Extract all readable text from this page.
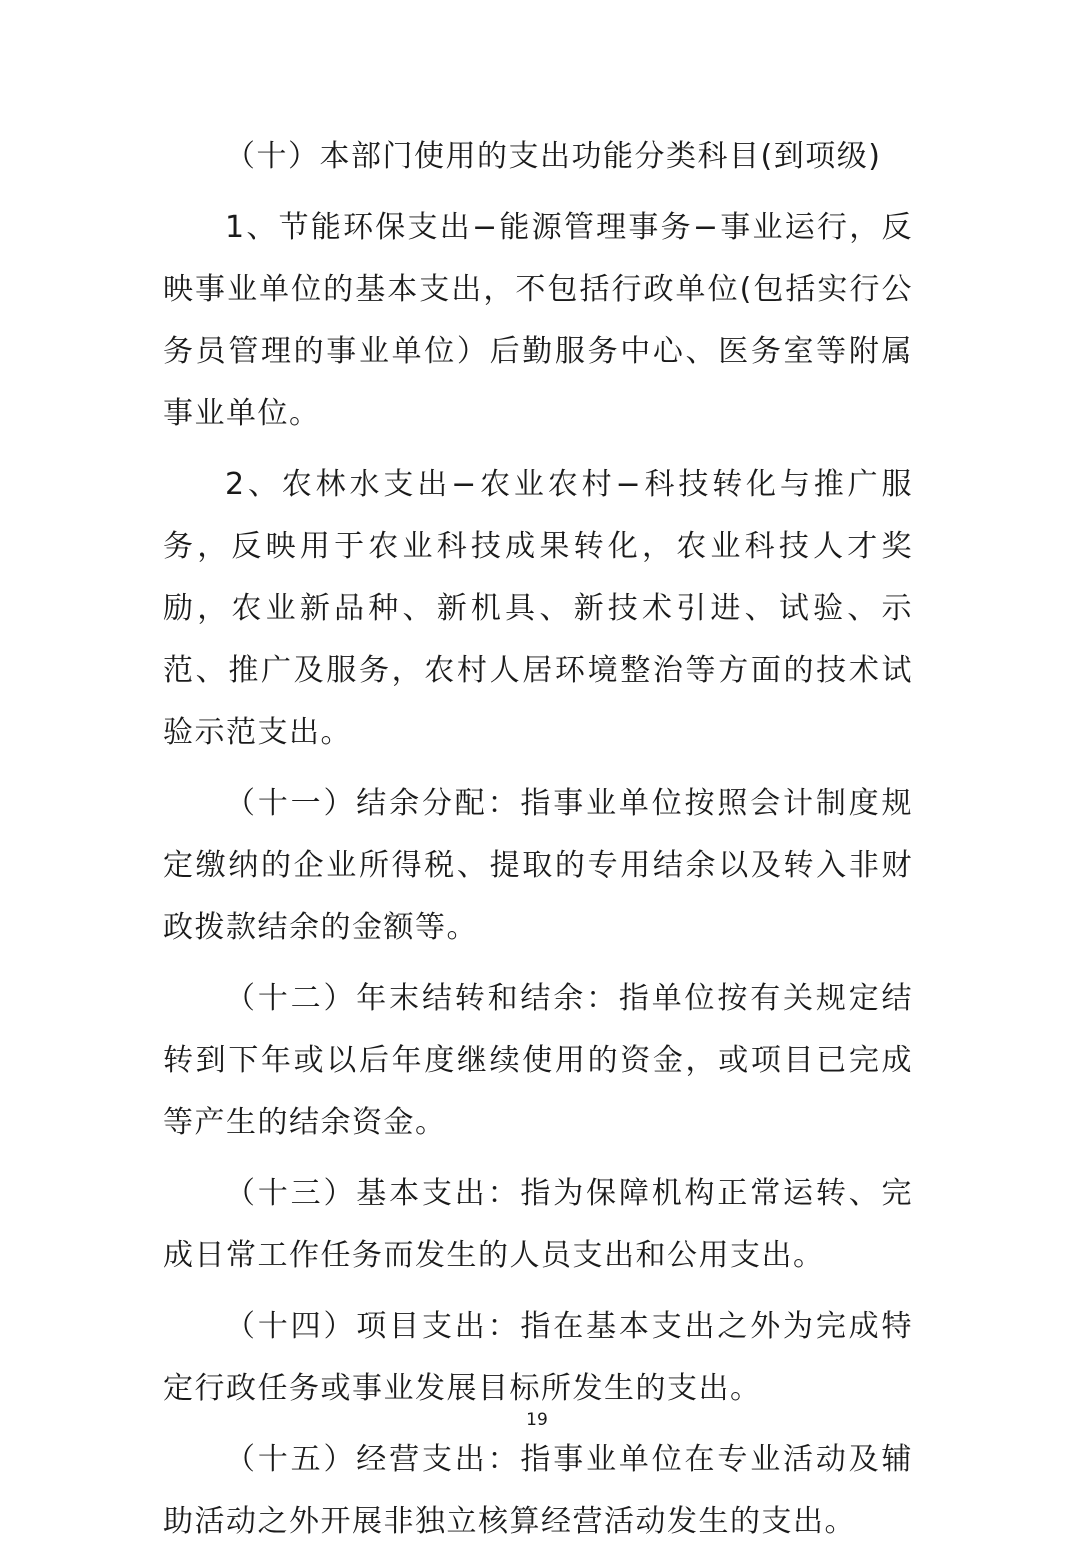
（十）本部门使用的支出功能分类科目(到项级)

1、节能环保支出−能源管理事务−事业运行，反映事业单位的基本支出，不包括行政单位(包括实行公务员管理的事业单位）后勤服务中心、医务室等附属事业单位。

2、农林水支出−农业农村−科技转化与推广服务，反映用于农业科技成果转化，农业科技人才奖励，农业新品种、新机具、新技术引进、试验、示范、推广及服务，农村人居环境整治等方面的技术试验示范支出。

（十一）结余分配：指事业单位按照会计制度规定缴纳的企业所得税、提取的专用结余以及转入非财政拨款结余的金额等。

（十二）年末结转和结余：指单位按有关规定结转到下年或以后年度继续使用的资金，或项目已完成等产生的结余资金。

（十三）基本支出：指为保障机构正常运转、完成日常工作任务而发生的人员支出和公用支出。

（十四）项目支出：指在基本支出之外为完成特定行政任务或事业发展目标所发生的支出。

（十五）经营支出：指事业单位在专业活动及辅助活动之外开展非独立核算经营活动发生的支出。

19
